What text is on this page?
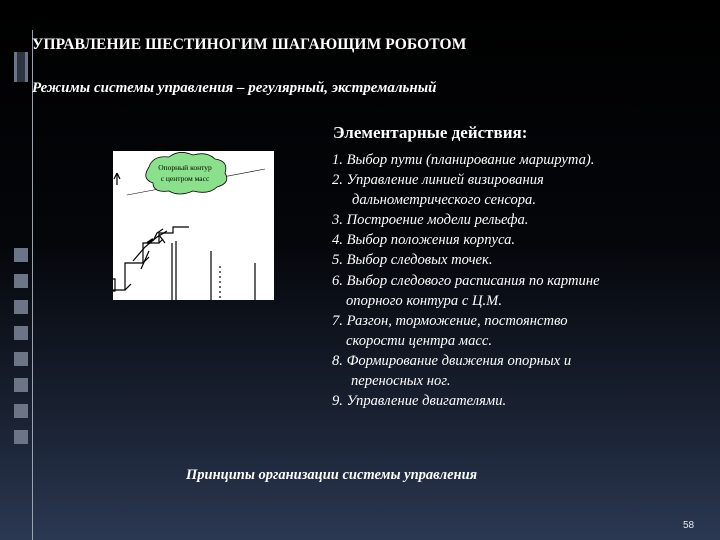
УПРАВЛЕНИЕ ШЕСТИНОГИМ ШАГАЮЩИМ РОБОТОМ
Режимы системы управления – регулярный, экстремальный
Опорный контур
с центром масс
Элементарные действия:
1. Выбор пути (планирование маршрута).
2. Управление линией визирования
дальнометрического сенсора.
3. Построение модели рельефа.
4. Выбор положения корпуса.
5. Выбор следовых точек.
6. Выбор следового расписания по картине
опорного контура с Ц.М.
7. Разгон, торможение, постоянство
скорости центра масс.
8. Формирование движения опорных и
переносных ног.
9. Управление двигателями.
Принципы организации системы управления
58
